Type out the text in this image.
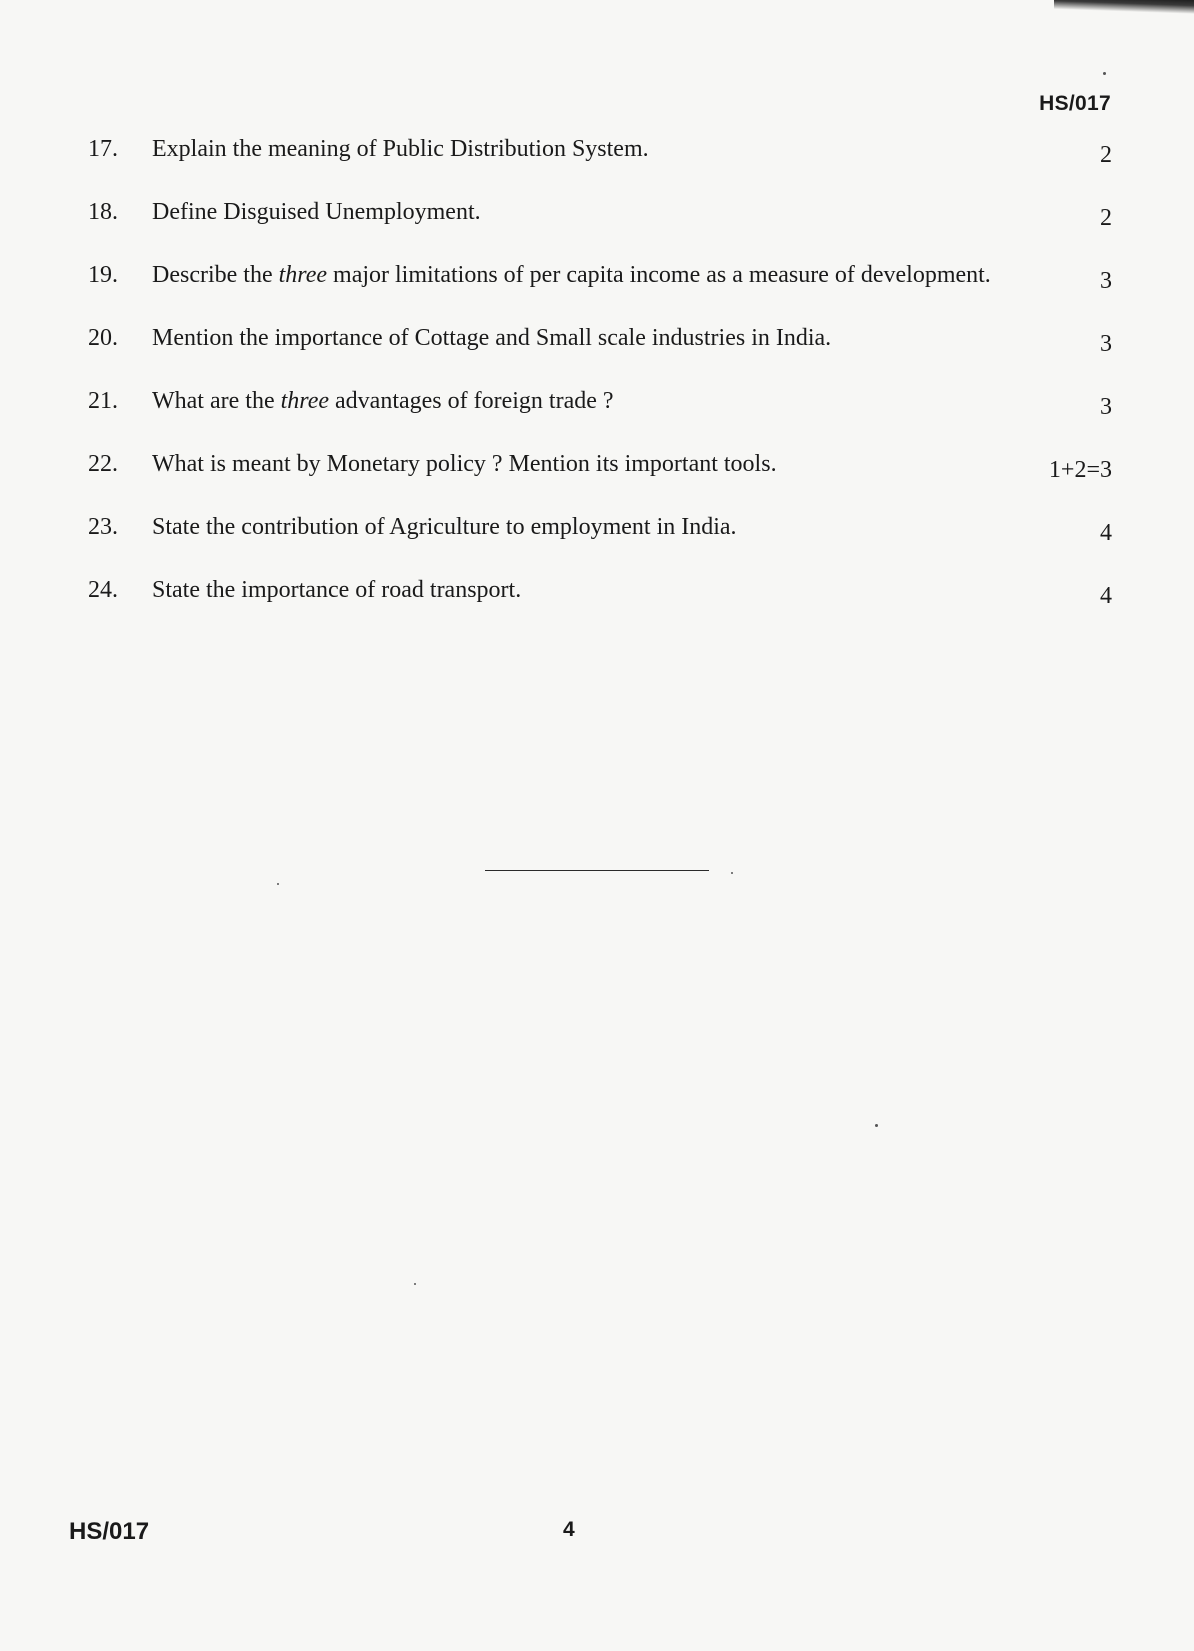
HS/017
17.	Explain the meaning of Public Distribution System.	2
18.	Define Disguised Unemployment.	2
19.	Describe the three major limitations of per capita income as a measure of development.	3
20.	Mention the importance of Cottage and Small scale industries in India.	3
21.	What are the three advantages of foreign trade ?	3
22.	What is meant by Monetary policy ? Mention its important tools.	1+2=3
23.	State the contribution of Agriculture to employment in India.	4
24.	State the importance of road transport.	4
HS/017	4
